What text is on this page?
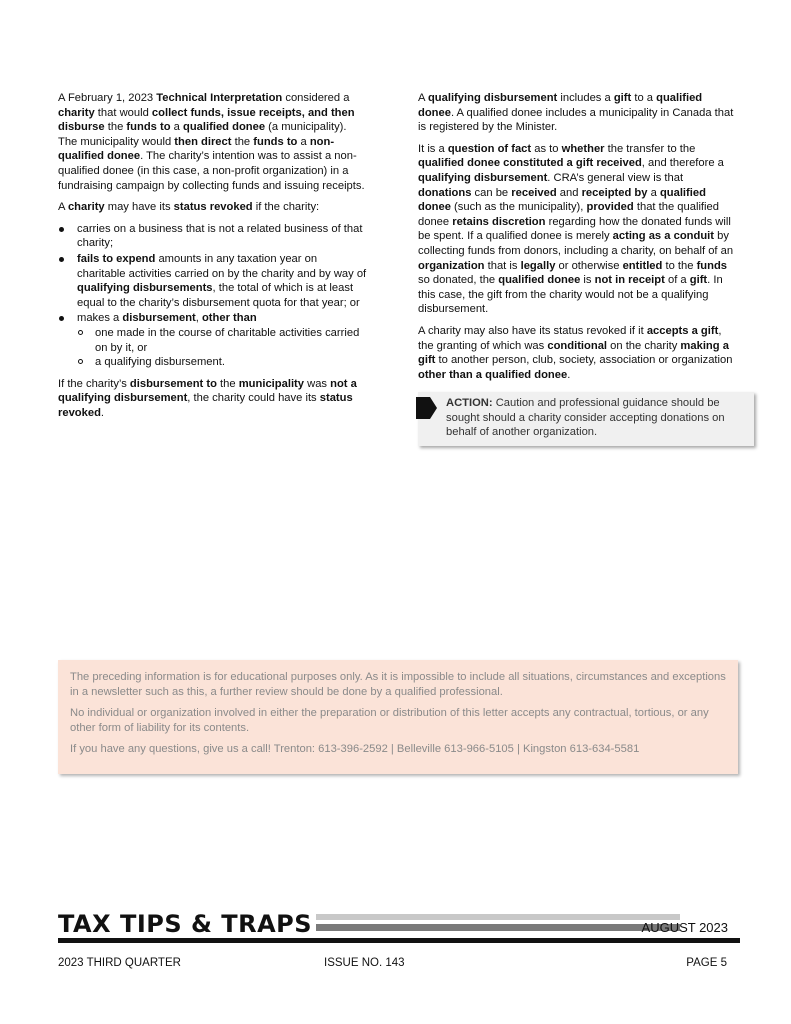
A February 1, 2023 Technical Interpretation considered a charity that would collect funds, issue receipts, and then disburse the funds to a qualified donee (a municipality). The municipality would then direct the funds to a non-qualified donee. The charity’s intention was to assist a non-qualified donee (in this case, a non-profit organization) in a fundraising campaign by collecting funds and issuing receipts.

A charity may have its status revoked if the charity:

carries on a business that is not a related business of that charity;
fails to expend amounts in any taxation year on charitable activities carried on by the charity and by way of qualifying disbursements, the total of which is at least equal to the charity’s disbursement quota for that year; or
makes a disbursement, other than
one made in the course of charitable activities carried on by it, or
a qualifying disbursement.

If the charity’s disbursement to the municipality was not a qualifying disbursement, the charity could have its status revoked.

A qualifying disbursement includes a gift to a qualified donee. A qualified donee includes a municipality in Canada that is registered by the Minister.

It is a question of fact as to whether the transfer to the qualified donee constituted a gift received, and therefore a qualifying disbursement. CRA’s general view is that donations can be received and receipted by a qualified donee (such as the municipality), provided that the qualified donee retains discretion regarding how the donated funds will be spent. If a qualified donee is merely acting as a conduit by collecting funds from donors, including a charity, on behalf of an organization that is legally or otherwise entitled to the funds so donated, the qualified donee is not in receipt of a gift. In this case, the gift from the charity would not be a qualifying disbursement.

A charity may also have its status revoked if it accepts a gift, the granting of which was conditional on the charity making a gift to another person, club, society, association or organization other than a qualified donee.

ACTION: Caution and professional guidance should be sought should a charity consider accepting donations on behalf of another organization.

The preceding information is for educational purposes only. As it is impossible to include all situations, circumstances and exceptions in a newsletter such as this, a further review should be done by a qualified professional.

No individual or organization involved in either the preparation or distribution of this letter accepts any contractual, tortious, or any other form of liability for its contents.

If you have any questions, give us a call! Trenton: 613-396-2592 | Belleville 613-966-5105 | Kingston 613-634-5581

TAX TIPS & TRAPS	AUGUST 2023
2023 THIRD QUARTER	ISSUE NO. 143	PAGE 5
